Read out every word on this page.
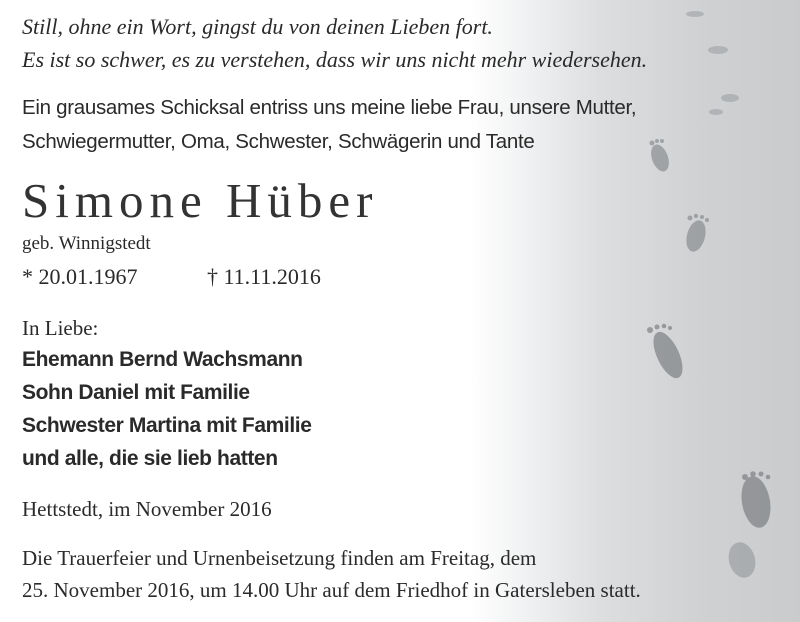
Still, ohne ein Wort, gingst du von deinen Lieben fort.

Es ist so schwer, es zu verstehen, dass wir uns nicht mehr wiedersehen.

Ein grausames Schicksal entriss uns meine liebe Frau, unsere Mutter,

Schwiegermutter, Oma, Schwester, Schwägerin und Tante

Simone Hüber

geb. Winnigstedt

* 20.01.1967	† 11.11.2016

In Liebe:

Ehemann Bernd Wachsmann

Sohn Daniel mit Familie

Schwester Martina mit Familie

und alle, die sie lieb hatten

Hettstedt, im November 2016

Die Trauerfeier und Urnenbeisetzung finden am Freitag, dem

25. November 2016, um 14.00 Uhr auf dem Friedhof in Gatersleben statt.
